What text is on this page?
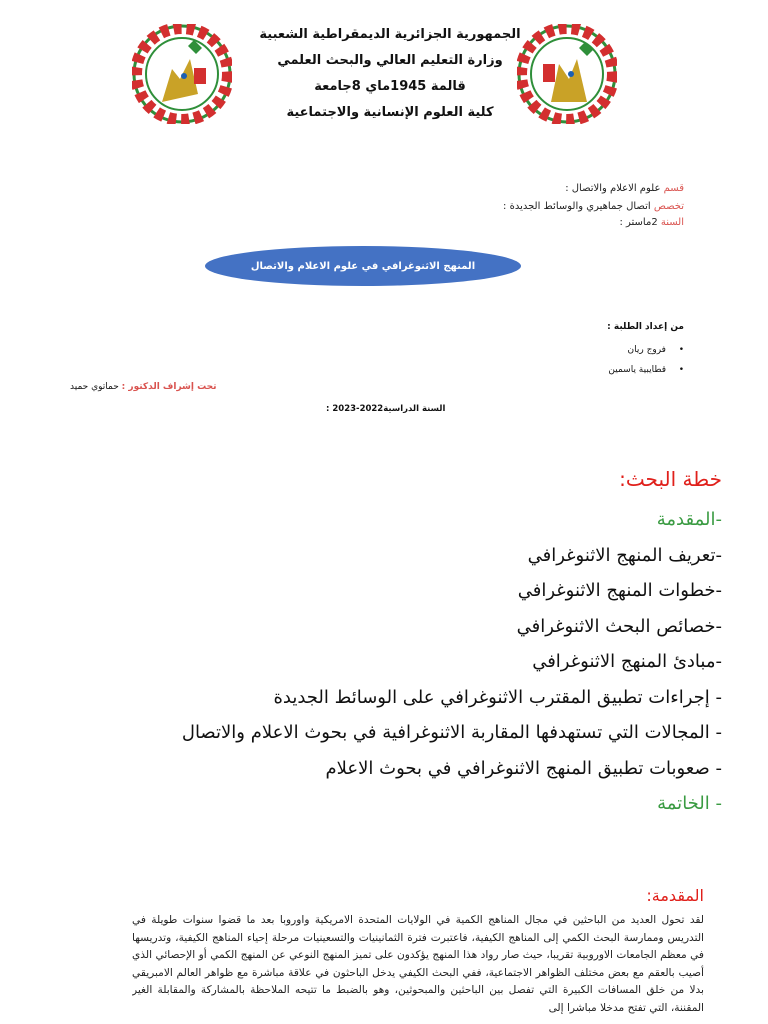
الجمهورية الجزائرية الديمقراطية الشعبية
وزارة التعليم العالي والبحث العلمي
قالمة 1945ماي 8جامعة
كلية العلوم الإنسانية والاجتماعية
قسم علوم الاعلام والاتصال :
تخصص اتصال جماهيري والوسائط الجديدة :
السنة 2ماستر :
المنهج الاثنوغرافي في علوم الاعلام والاتصال
من إعداد الطلبة :
• فروج ريان
• قطايبية ياسمين
تحت إشراف الدكتور : حماتوي حميد
السنة الدراسية2022-2023 :
خطة البحث:
-المقدمة
-تعريف المنهج الاثنوغرافي
-خطوات المنهج الاثنوغرافي
-خصائص البحث الاثنوغرافي
-مبادئ المنهج الاثنوغرافي
- إجراءات تطبيق المقترب الاثنوغرافي على الوسائط الجديدة
- المجالات التي تستهدفها المقاربة الاثنوغرافية في بحوث الاعلام والاتصال
- صعوبات تطبيق المنهج الاثنوغرافي في بحوث الاعلام
- الخاتمة
المقدمة:
لقد تحول العديد من الباحثين في مجال المناهج الكمية في الولايات المتحدة الامريكية واوروبا بعد ما قضوا سنوات طويلة في التدريس وممارسة البحث الكمي إلى المناهج الكيفية، فاعتبرت فترة الثمانينيات والتسعينيات مرحلة إحياء المناهج الكيفية، وتدريسها في معظم الجامعات الاوروبية تقريبا، حيث صار رواد هذا المنهج يؤكدون على تميز المنهج النوعي عن المنهج الكمي أو الإحصائي الذي أصيب بالعقم مع بعض مختلف الظواهر الاجتماعية، ففي البحث الكيفي يدخل الباحثون في علاقة مباشرة مع ظواهر العالم الامبريقي بدلا من خلق المسافات الكبيرة التي تفصل بين الباحثين والمبحوثين، وهو بالضبط ما تتيحه الملاحظة بالمشاركة والمقابلة الغير المقننة، التي تفتح مدخلا مباشرا إلى
